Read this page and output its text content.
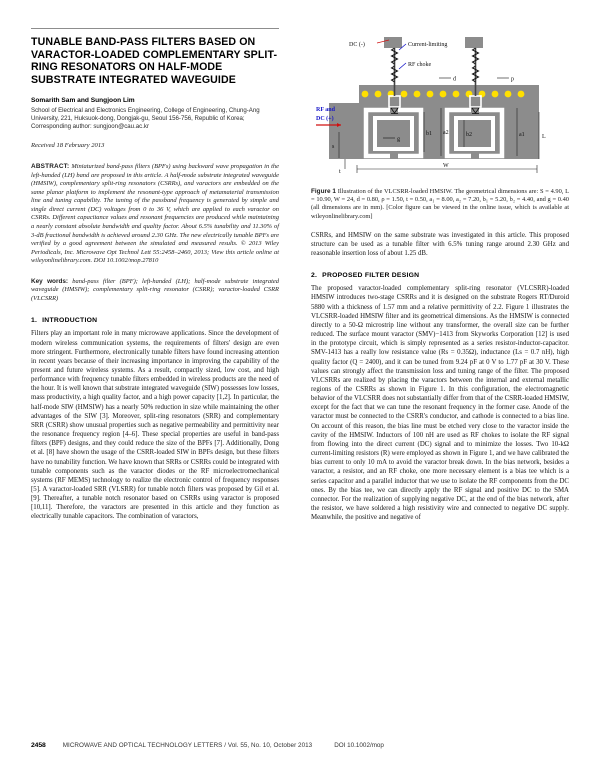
TUNABLE BAND-PASS FILTERS BASED ON VARACTOR-LOADED COMPLEMENTARY SPLIT-RING RESONATORS ON HALF-MODE SUBSTRATE INTEGRATED WAVEGUIDE
Somarith Sam and Sungjoon Lim
School of Electrical and Electronics Engineering, College of Engineering, Chung-Ang University, 221, Huksuok-dong, Dongjak-gu, Seoul 156-756, Republic of Korea; Corresponding author: sungjoon@cau.ac.kr
Received 18 February 2013

ABSTRACT: Miniaturized band-pass filters (BPFs) using backward wave propagation in the left-handed (LH) band are proposed in this article. A half-mode substrate integrated waveguide (HMSIW), complementary split-ring resonators (CSRRs), and varactors are embedded on the same planar platform to implement the resonant-type approach of metamaterial transmission line and tuning capability. The tuning of the passband frequency is generated by simple and single direct current (DC) voltages from 0 to 36 V, which are applied to each varactor on CSRRs. Different capacitance values and resonant frequencies are produced while maintaining a nearly constant absolute bandwidth and quality factor. About 6.5% tunability and 11.30% of 3-dB fractional bandwidth is achieved around 2.30 GHz. The new electrically tunable BPFs are verified by a good agreement between the simulated and measured results. © 2013 Wiley Periodicals, Inc. Microwave Opt Technol Lett 55:2458–2460, 2013; View this article online at wileyonlinelibrary.com. DOI 10.1002/mop.27810

Key words: band-pass filter (BPF); left-handed (LH); half-mode substrate integrated waveguide (HMSIW); complementary split-ring resonator (CSRR); varactor-loaded CSRR (VLCSRR)

1. INTRODUCTION

Filters play an important role in many microwave applications. Since the development of modern wireless communication systems, the requirements of filters' design are even more stringent. Furthermore, electronically tunable filters have found increasing attention in recent years because of their increasing importance in improving the capability of the present and future wireless systems. As a result, compactly sized, low cost, and high performance with frequency tunable filters embedded in wireless products are the need of the hour. It is well known that substrate integrated waveguide (SIW) possesses low losses, mass productivity, a high quality factor, and a high power capacity [1,2]. In particular, the half-mode SIW (HMSIW) has a nearly 50% reduction in size while maintaining the other advantages of the SIW [3]. Moreover, split-ring resonators (SRR) and complementary SRR (CSRR) show unusual properties such as negative permeability and permittivity near the resonance frequency region [4–6]. These special properties are useful in band-pass filters (BPF) designs, and they could reduce the size of the BPFs [7]. Additionally, Dong et al. [8] have shown the usage of the CSRR-loaded SIW in BPFs design, but these filters have no tunability function. We have known that SRRs or CSRRs could be integrated with tunable components such as the varactor diodes or the RF microelectromechanical systems (RF MEMS) technology to realize the electronic control of frequency responses [5]. A varactor-loaded SRR (VLSRR) for tunable notch filters was proposed by Gil et al. [9]. Thereafter, a tunable notch resonator based on CSRRs using varactor is proposed [10,11]. Therefore, the varactors are presented in this article and they function as electrically tunable capacitors. The combination of varactors,

DC (-)	Current-limiting
RF choke
RF and
DC (+)
d	p
b1 a2	b2	a1
g
s
t
L
W

Figure 1 Illustration of the VLCSRR-loaded HMSIW. The geometrical dimensions are: S = 4.90, L = 10.90, W = 24, d = 0.80, ρ = 1.50, t = 0.50, a₁ = 8.00, a₂ = 7.20, b₁ = 5.20, b₂ = 4.40, and g = 0.40 (all dimensions are in mm). [Color figure can be viewed in the online issue, which is available at wileyonlinelibrary.com]

CSRRs, and HMSIW on the same substrate was investigated in this article. This proposed structure can be used as a tunable filter with 6.5% tuning range around 2.30 GHz and reasonable insertion loss of about 1.25 dB.

2. PROPOSED FILTER DESIGN

The proposed varactor-loaded complementary split-ring resonator (VLCSRR)-loaded HMSIW introduces two-stage CSRRs and it is designed on the substrate Rogers RT/Duroid 5880 with a thickness of 1.57 mm and a relative permittivity of 2.2. Figure 1 illustrates the VLCSRR-loaded HMSIW filter and its geometrical dimensions. As the HMSIW is connected directly to a 50-Ω microstrip line without any transformer, the overall size can be further reduced. The surface mount varactor (SMV)−1413 from Skyworks Corporation [12] is used in the prototype circuit, which is simply represented as a series resistor-inductor-capacitor. SMV-1413 has a really low resistance value (Rs = 0.35Ω), inductance (Ls = 0.7 nH), high quality factor (Q = 2400), and it can be tuned from 9.24 pF at 0 V to 1.77 pF at 30 V. These values can strongly affect the transmission loss and tuning range of the filter. The proposed VLCSRRs are realized by placing the varactors between the internal and external metallic regions of the CSRRs as shown in Figure 1. In this configuration, the electromagnetic behavior of the VLCSRR does not substantially differ from that of the CSRR-loaded HMSIW, except for the fact that we can tune the resonant frequency in the former case. Anode of the varactor must be connected to the CSRR's conductor, and cathode is connected to a bias line. On account of this reason, the bias line must be etched very close to the varactor inside the cavity of the HMSIW. Inductors of 100 nH are used as RF chokes to isolate the RF signal from flowing into the direct current (DC) signal and to minimize the losses. Two 10-kΩ current-limiting resistors (R) were employed as shown in Figure 1, and we have calibrated the bias current to only 10 mA to avoid the varactor break down. In the bias network, besides a varactor, a resistor, and an RF choke, one more necessary element is a bias tee which is a series capacitor and a parallel inductor that we use to isolate the RF components from the DC ones. By the bias tee, we can directly apply the RF signal and positive DC to the SMA connector. For the realization of supplying negative DC, at the end of the bias network, after the resistor, we have soldered a high resistivity wire and connected to negative DC supply. Meanwhile, the positive and negative of

2458	MICROWAVE AND OPTICAL TECHNOLOGY LETTERS / Vol. 55, No. 10, October 2013	DOI 10.1002/mop
